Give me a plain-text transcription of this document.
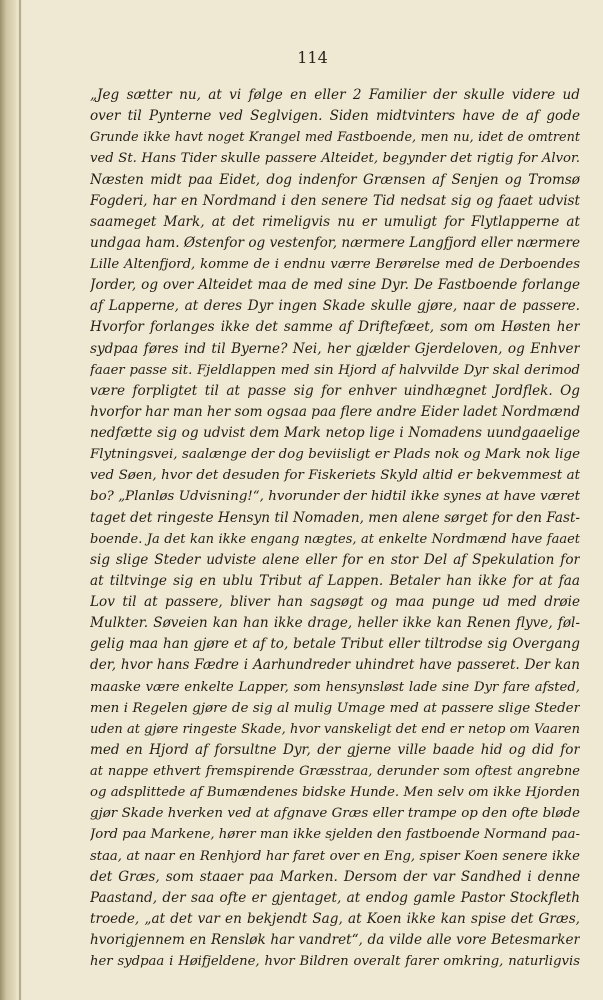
114
„Jeg sætter nu, at vi følge en eller 2 Familier der skulle videre ud
over til Pynterne ved Seglvigen. Siden midtvinters have de af gode
Grunde ikke havt noget Krangel med Fastboende, men nu, idet de omtrent
ved St. Hans Tider skulle passere Alteidet, begynder det rigtig for Alvor.
Næsten midt paa Eidet, dog indenfor Grænsen af Senjen og Tromsø
Fogderi, har en Nordmand i den senere Tid nedsat sig og faaet udvist
saameget Mark, at det rimeligvis nu er umuligt for Flytlapperne at
undgaa ham. Østenfor og vestenfor, nærmere Langfjord eller nærmere
Lille Altenfjord, komme de i endnu værre Berørelse med de Derboendes
Jorder, og over Alteidet maa de med sine Dyr. De Fastboende forlange
af Lapperne, at deres Dyr ingen Skade skulle gjøre, naar de passere.
Hvorfor forlanges ikke det samme af Driftefæet, som om Høsten her
sydpaa føres ind til Byerne? Nei, her gjælder Gjerdeloven, og Enhver
faaer passe sit. Fjeldlappen med sin Hjord af halvvilde Dyr skal derimod
være forpligtet til at passe sig for enhver uindhægnet Jordflek. Og
hvorfor har man her som ogsaa paa flere andre Eider ladet Nordmænd
nedfætte sig og udvist dem Mark netop lige i Nomadens uundgaaelige
Flytningsvei, saalænge der dog beviisligt er Plads nok og Mark nok lige
ved Søen, hvor det desuden for Fiskeriets Skyld altid er bekvemmest at
bo? „Planløs Udvisning!“, hvorunder der hidtil ikke synes at have været
taget det ringeste Hensyn til Nomaden, men alene sørget for den Fast-
boende. Ja det kan ikke engang nægtes, at enkelte Nordmænd have faaet
sig slige Steder udviste alene eller for en stor Del af Spekulation for
at tiltvinge sig en ublu Tribut af Lappen. Betaler han ikke for at faa
Lov til at passere, bliver han sagsøgt og maa punge ud med drøie
Mulkter. Søveien kan han ikke drage, heller ikke kan Renen flyve, føl-
gelig maa han gjøre et af to, betale Tribut eller tiltrodse sig Overgang
der, hvor hans Fædre i Aarhundreder uhindret have passeret. Der kan
maaske være enkelte Lapper, som hensynsløst lade sine Dyr fare afsted,
men i Regelen gjøre de sig al mulig Umage med at passere slige Steder
uden at gjøre ringeste Skade, hvor vanskeligt det end er netop om Vaaren
med en Hjord af forsultne Dyr, der gjerne ville baade hid og did for
at nappe ethvert fremspirende Græsstraa, derunder som oftest angrebne
og adsplittede af Bumændenes bidske Hunde. Men selv om ikke Hjorden
gjør Skade hverken ved at afgnave Græs eller trampe op den ofte bløde
Jord paa Markene, hører man ikke sjelden den fastboende Normand paa-
staa, at naar en Renhjord har faret over en Eng, spiser Koen senere ikke
det Græs, som staaer paa Marken. Dersom der var Sandhed i denne
Paastand, der saa ofte er gjentaget, at endog gamle Pastor Stockfleth
troede, „at det var en bekjendt Sag, at Koen ikke kan spise det Græs,
hvorigjennem en Rensløk har vandret“, da vilde alle vore Betesmarker
her sydpaa i Høifjeldene, hvor Bildren overalt farer omkring, naturligvis
